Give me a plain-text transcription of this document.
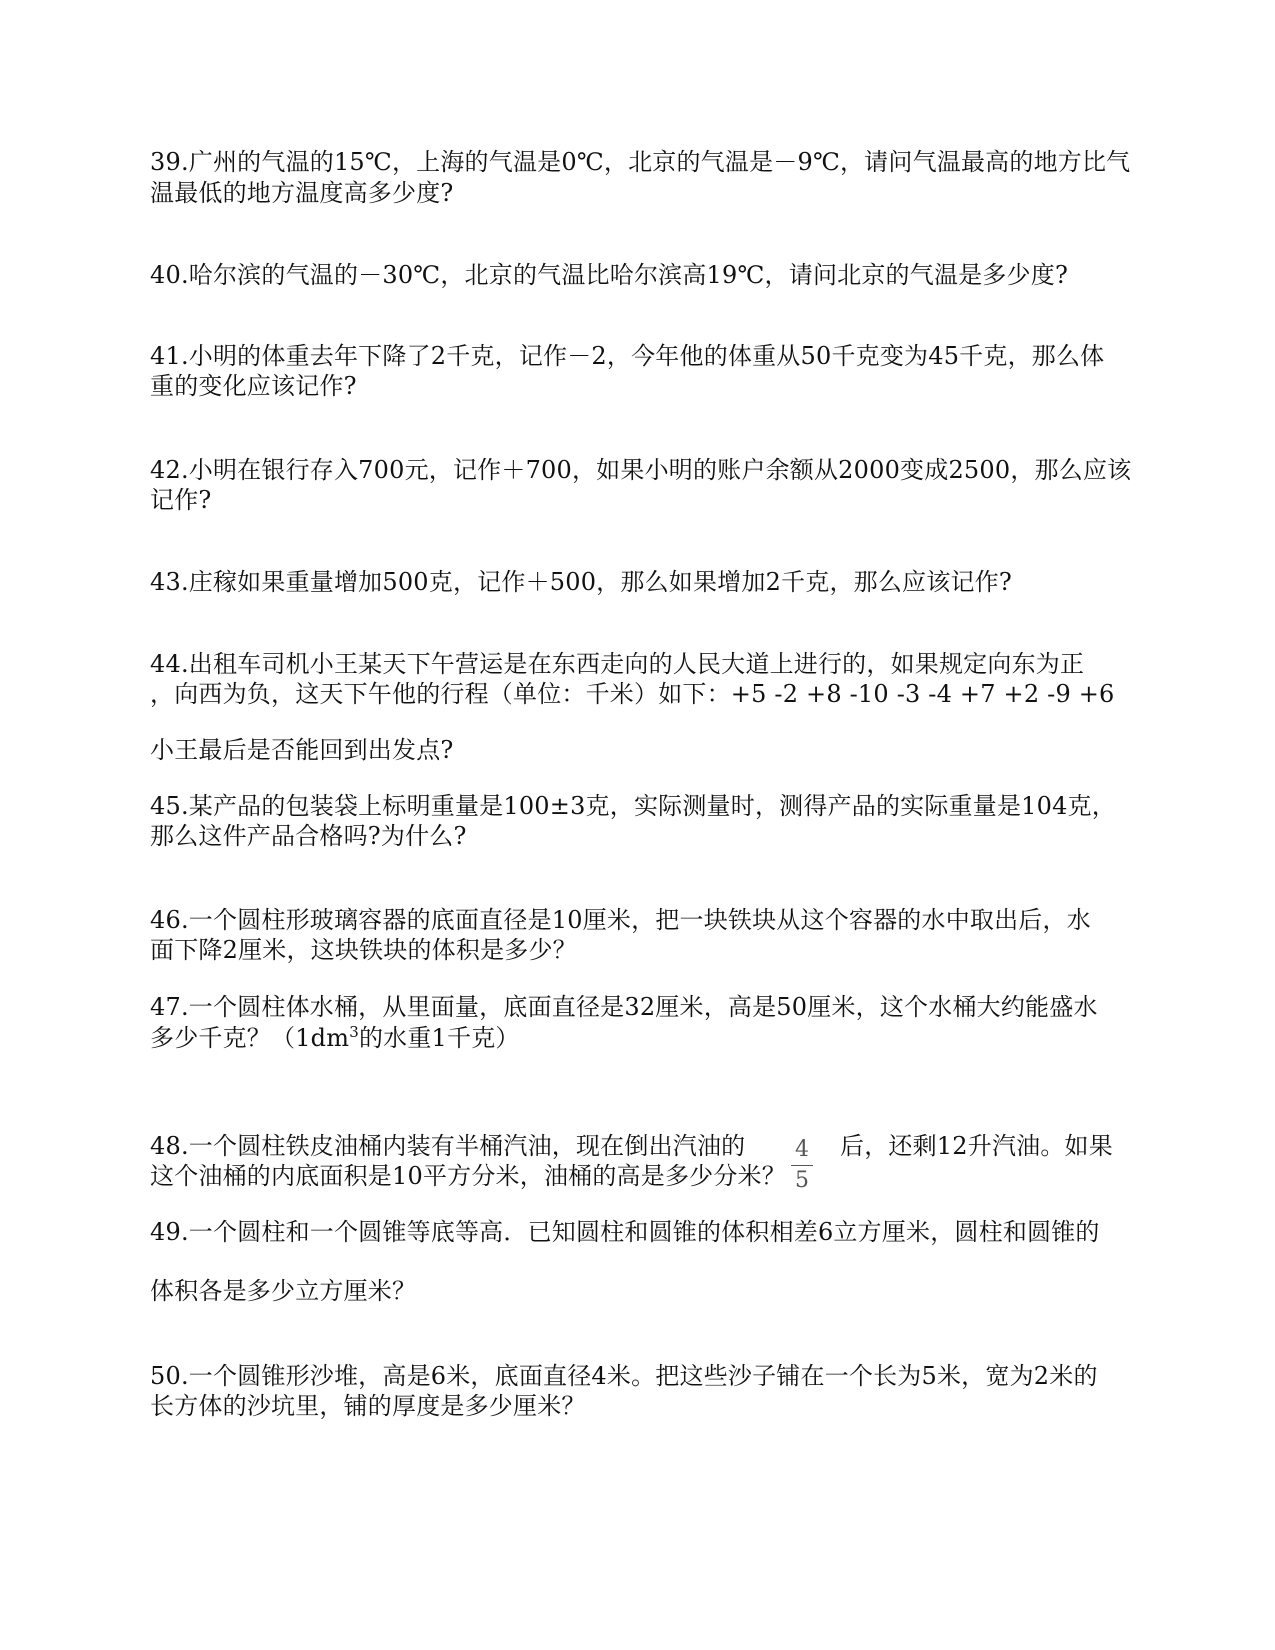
39.广州的气温的15℃，上海的气温是0℃，北京的气温是－9℃，请问气温最高的地方比气
温最低的地方温度高多少度?
40.哈尔滨的气温的－30℃，北京的气温比哈尔滨高19℃，请问北京的气温是多少度?
41.小明的体重去年下降了2千克，记作－2，今年他的体重从50千克变为45千克，那么体
重的变化应该记作?
42.小明在银行存入700元，记作＋700，如果小明的账户余额从2000变成2500，那么应该
记作?
43.庄稼如果重量增加500克，记作＋500，那么如果增加2千克，那么应该记作?
44.出租车司机小王某天下午营运是在东西走向的人民大道上进行的，如果规定向东为正
，向西为负，这天下午他的行程（单位：千米）如下：+5 -2 +8 -10 -3 -4 +7 +2 -9 +6
小王最后是否能回到出发点?
45.某产品的包装袋上标明重量是100±3克，实际测量时，测得产品的实际重量是104克，
那么这件产品合格吗?为什么?
46.一个圆柱形玻璃容器的底面直径是10厘米，把一块铁块从这个容器的水中取出后，水
面下降2厘米，这块铁块的体积是多少？
47.一个圆柱体水桶，从里面量，底面直径是32厘米，高是50厘米，这个水桶大约能盛水
多少千克？（$1dm^3$的水重1千克）
48.一个圆柱铁皮油桶内装有半桶汽油，现在倒出汽油的	4
5
后，还剩12升汽油。如果
这个油桶的内底面积是10平方分米，油桶的高是多少分米？
49.一个圆柱和一个圆锥等底等高．已知圆柱和圆锥的体积相差6立方厘米，圆柱和圆锥的
体积各是多少立方厘米？
50.一个圆锥形沙堆，高是6米，底面直径4米。把这些沙子铺在一个长为5米，宽为2米的
长方体的沙坑里，铺的厚度是多少厘米？
